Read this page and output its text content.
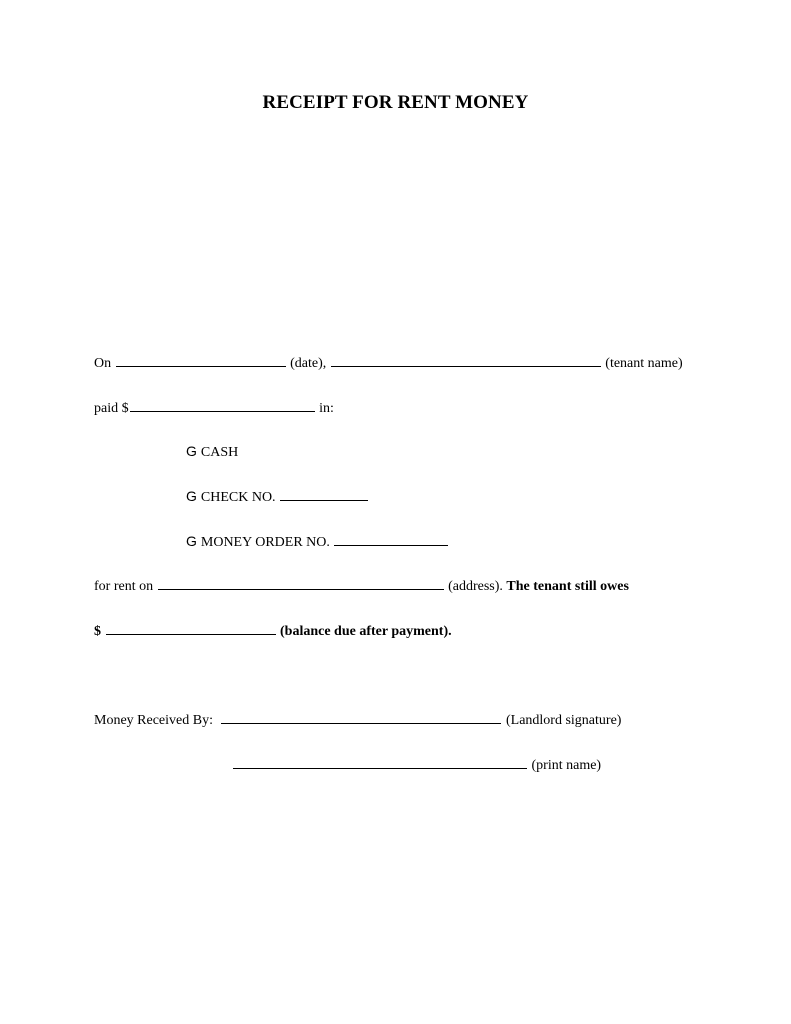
RECEIPT FOR RENT MONEY
On	(date),	(tenant name)
paid $	in:
G CASH
G CHECK NO.
G MONEY ORDER NO.
for rent on	(address). The tenant still owes
$	(balance due after payment).
Money Received By:	(Landlord signature)
(print name)
